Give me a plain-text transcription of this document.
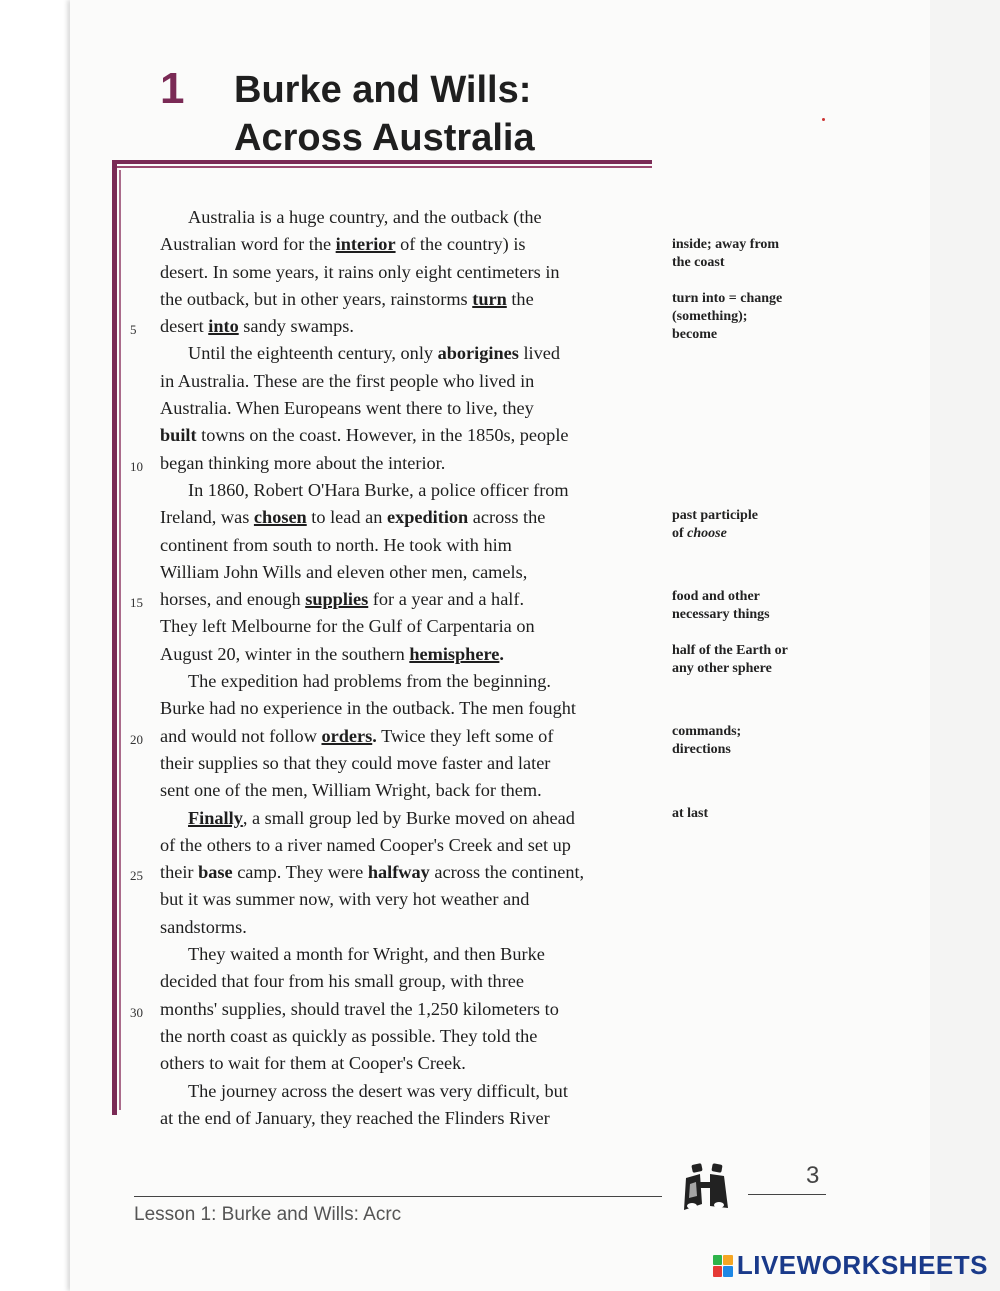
1 Burke and Wills:
Across Australia
Australia is a huge country, and the outback (the
Australian word for the interior of the country) is
desert. In some years, it rains only eight centimeters in
the outback, but in other years, rainstorms turn the
5	desert into sandy swamps.
Until the eighteenth century, only aborigines lived
in Australia. These are the first people who lived in
Australia. When Europeans went there to live, they
built towns on the coast. However, in the 1850s, people
10 began thinking more about the interior.
In 1860, Robert O'Hara Burke, a police officer from
Ireland, was chosen to lead an expedition across the
continent from south to north. He took with him
William John Wills and eleven other men, camels,
15 horses, and enough supplies for a year and a half.
They left Melbourne for the Gulf of Carpentaria on
August 20, winter in the southern hemisphere.
The expedition had problems from the beginning.
Burke had no experience in the outback. The men fought
20 and would not follow orders. Twice they left some of
their supplies so that they could move faster and later
sent one of the men, William Wright, back for them.
Finally, a small group led by Burke moved on ahead
of the others to a river named Cooper's Creek and set up
25 their base camp. They were halfway across the continent,
but it was summer now, with very hot weather and
sandstorms.
They waited a month for Wright, and then Burke
decided that four from his small group, with three
30 months' supplies, should travel the 1,250 kilometers to
the north coast as quickly as possible. They told the
others to wait for them at Cooper's Creek.
The journey across the desert was very difficult, but
at the end of January, they reached the Flinders River
inside; away from
the coast
turn into = change
(something);
become
past participle
of choose
food and other
necessary things
half of the Earth or
any other sphere
commands;
directions
at last
Lesson 1: Burke and Wills: Acrc
3
LIVEWORKSHEETS
